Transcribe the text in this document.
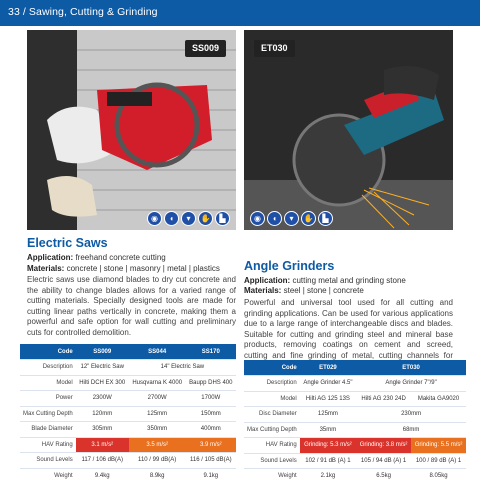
33 / Sawing, Cutting & Grinding
SS009
◉	◖	▾	✋	▙
ET030
◉	◖	▾	✋	▙
Electric Saws
Application: freehand concrete cutting
Materials: concrete | stone | masonry | metal | plastics
Electric saws use diamond blades to dry cut concrete and the ability to change blades allows for a varied range of cutting materials. Specially designed tools are made for cutting linear paths vertically in concrete, making them a powerful and safe option for wall cutting and preliminary cuts for controlled demolition.
Code	SS009	SS044	SS170
Description	12" Electric Saw	14" Electric Saw	
Model	Hilti DCH EX 300	Husqvarna K 4000	Baupp DHS 400
Power	2300W	2700W	1700W
Max Cutting Depth	120mm	125mm	150mm
Blade Diameter	305mm	350mm	400mm
HAV Rating	3.1 m/s²	3.5 m/s²	3.9 m/s²
Sound Levels	117 / 106 dB(A)	110 / 99 dB(A)	116 / 105 dB(A)
Weight	9.4kg	8.9kg	9.1kg
Angle Grinders
Application: cutting metal and grinding stone
Materials: steel | stone | concrete
Powerful and universal tool used for all cutting and grinding applications. Can be used for various applications due to a large range of interchangeable discs and blades. Suitable for cutting and grinding steel and mineral base products, removing coatings on cement and screed, cutting and fine grinding of metal, cutting channels for
Code	ET029	ET030	
Description	Angle Grinder 4.5"	Angle Grinder 7"/9"	
Model	Hilti AG 125 13S	Hilti AG 230 24D	Makita GA9020
Disc Diameter	125mm	230mm	
Max Cutting Depth	35mm	68mm	
HAV Rating	Grinding: 5.3 m/s²	Grinding: 3.8 m/s²	Grinding: 5.5 m/s²
Sound Levels	102 / 91 dB (A) 1	105 / 94 dB (A) 1	100 / 89 dB (A) 1
Weight	2.1kg	6.5kg	8.05kg
